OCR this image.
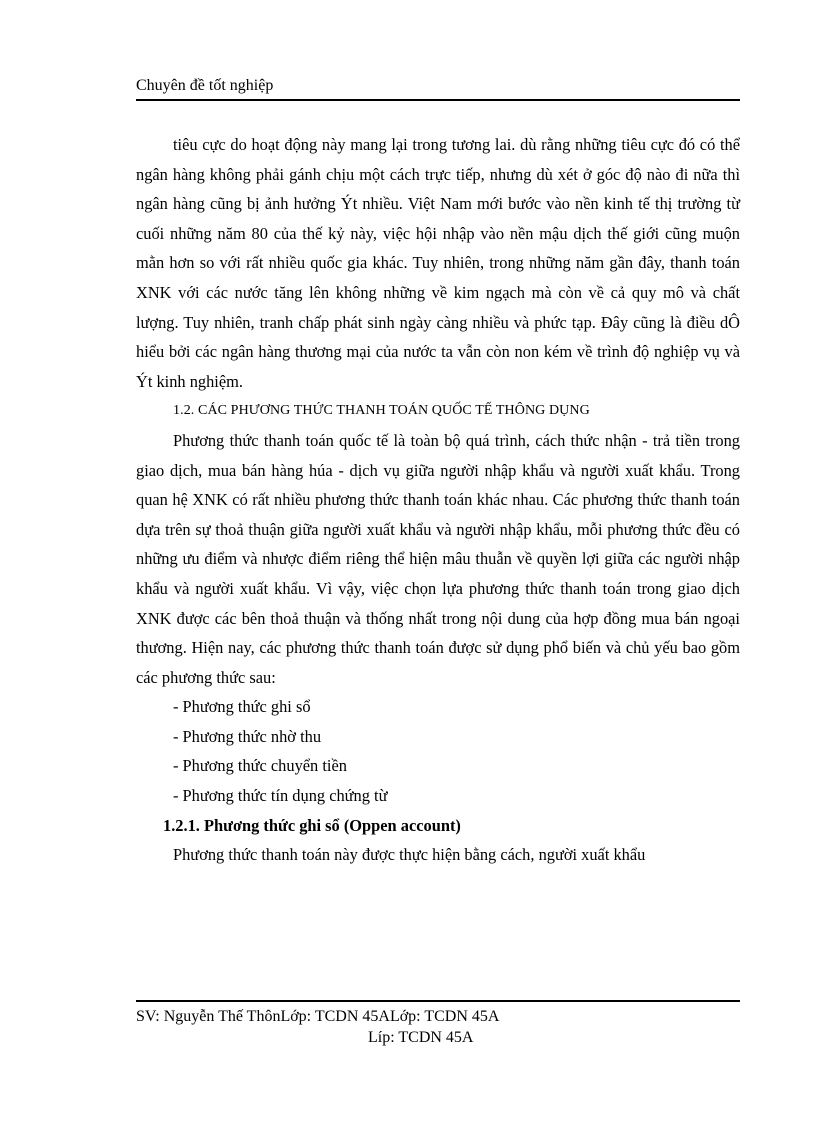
Chuyên đề tốt nghiệp

tiêu cực do hoạt động này mang lại trong tương lai. dù rằng những tiêu cực đó có thể ngân hàng không phải gánh chịu một cách trực tiếp, nhưng dù xét ở góc độ nào đi nữa thì ngân hàng cũng bị ảnh hưởng Ýt nhiều. Việt Nam mới bước vào nền kinh tế thị trường từ cuối những năm 80 của thế kỷ này, việc hội nhập vào nền mậu dịch thế giới cũng muộn mằn hơn so với rất nhiều quốc gia khác. Tuy nhiên, trong những năm gần đây, thanh toán XNK với các nước tăng lên không những về kim ngạch mà còn về cả quy mô và chất lượng. Tuy nhiên, tranh chấp phát sinh ngày càng nhiều và phức tạp. Đây cũng là điều dÔ hiểu bởi các ngân hàng thương mại của nước ta vẫn còn non kém về trình độ nghiệp vụ và Ýt kinh nghiệm.

1.2. CÁC PHƯƠNG THỨC THANH TOÁN QUỐC TẾ THÔNG DỤNG

Phương thức thanh toán quốc tế là toàn bộ quá trình, cách thức nhận - trả tiền trong giao dịch, mua bán hàng húa - dịch vụ giữa người nhập khẩu và người xuất khẩu. Trong quan hệ XNK có rất nhiều phương thức thanh toán khác nhau. Các phương thức thanh toán dựa trên sự thoả thuận giữa người xuất khẩu và người nhập khẩu, mỗi phương thức đều có những ưu điểm và nhược điểm riêng thể hiện mâu thuẫn về quyền lợi giữa các người nhập khẩu và người xuất khẩu. Vì vậy, việc chọn lựa phương thức thanh toán trong giao dịch XNK được các bên thoả thuận và thống nhất trong nội dung của hợp đồng mua bán ngoại thương. Hiện nay, các phương thức thanh toán được sử dụng phổ biến và chủ yếu bao gồm các phương thức sau:

- Phương thức ghi sổ
- Phương thức nhờ thu
- Phương thức chuyển tiền
- Phương thức tín dụng chứng từ

1.2.1. Phương thức ghi sổ (Oppen account)

Phương thức thanh toán này được thực hiện bằng cách, người xuất khẩu

SV: Nguyễn Thế ThônLớp: TCDN 45ALớp: TCDN 45A

Líp: TCDN 45A
